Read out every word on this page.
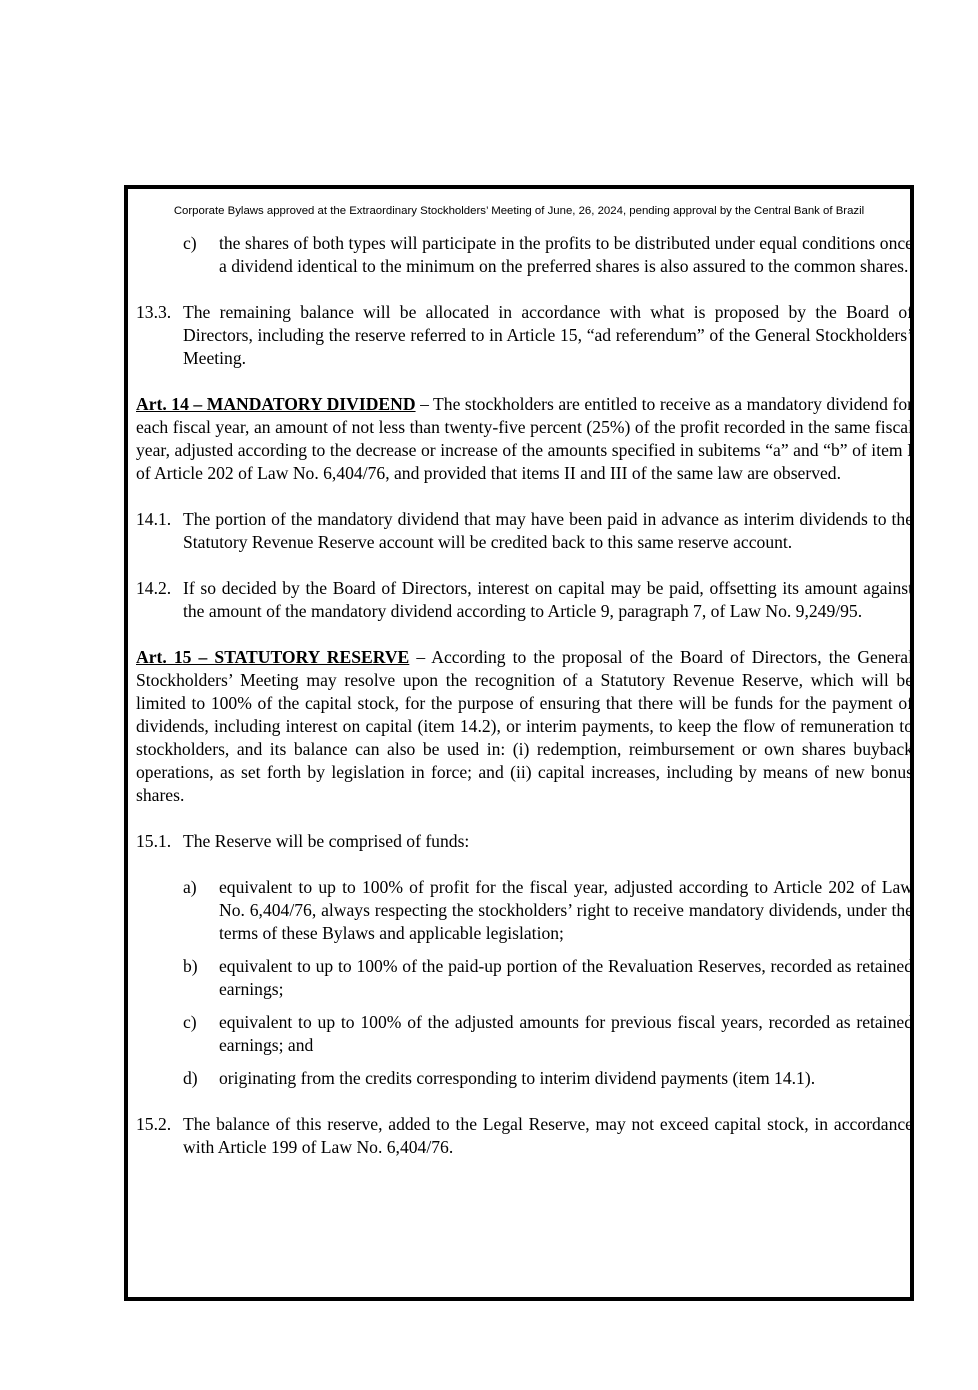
Corporate Bylaws approved at the Extraordinary Stockholders’ Meeting of June, 26, 2024, pending approval by the Central Bank of Brazil
c)	the shares of both types will participate in the profits to be distributed under equal conditions once a dividend identical to the minimum on the preferred shares is also assured to the common shares.
13.3. The remaining balance will be allocated in accordance with what is proposed by the Board of Directors, including the reserve referred to in Article 15, “ad referendum” of the General Stockholders’ Meeting.
Art. 14 – MANDATORY DIVIDEND – The stockholders are entitled to receive as a mandatory dividend for each fiscal year, an amount of not less than twenty-five percent (25%) of the profit recorded in the same fiscal year, adjusted according to the decrease or increase of the amounts specified in subitems “a” and “b” of item I of Article 202 of Law No. 6,404/76, and provided that items II and III of the same law are observed.
14.1. The portion of the mandatory dividend that may have been paid in advance as interim dividends to the Statutory Revenue Reserve account will be credited back to this same reserve account.
14.2. If so decided by the Board of Directors, interest on capital may be paid, offsetting its amount against the amount of the mandatory dividend according to Article 9, paragraph 7, of Law No. 9,249/95.
Art. 15 – STATUTORY RESERVE – According to the proposal of the Board of Directors, the General Stockholders’ Meeting may resolve upon the recognition of a Statutory Revenue Reserve, which will be limited to 100% of the capital stock, for the purpose of ensuring that there will be funds for the payment of dividends, including interest on capital (item 14.2), or interim payments, to keep the flow of remuneration to stockholders, and its balance can also be used in: (i) redemption, reimbursement or own shares buyback operations, as set forth by legislation in force; and (ii) capital increases, including by means of new bonus shares.
15.1. The Reserve will be comprised of funds:
a)	equivalent to up to 100% of profit for the fiscal year, adjusted according to Article 202 of Law No. 6,404/76, always respecting the stockholders’ right to receive mandatory dividends, under the terms of these Bylaws and applicable legislation;
b)	equivalent to up to 100% of the paid-up portion of the Revaluation Reserves, recorded as retained earnings;
c)	equivalent to up to 100% of the adjusted amounts for previous fiscal years, recorded as retained earnings; and
d)	originating from the credits corresponding to interim dividend payments (item 14.1).
15.2. The balance of this reserve, added to the Legal Reserve, may not exceed capital stock, in accordance with Article 199 of Law No. 6,404/76.
